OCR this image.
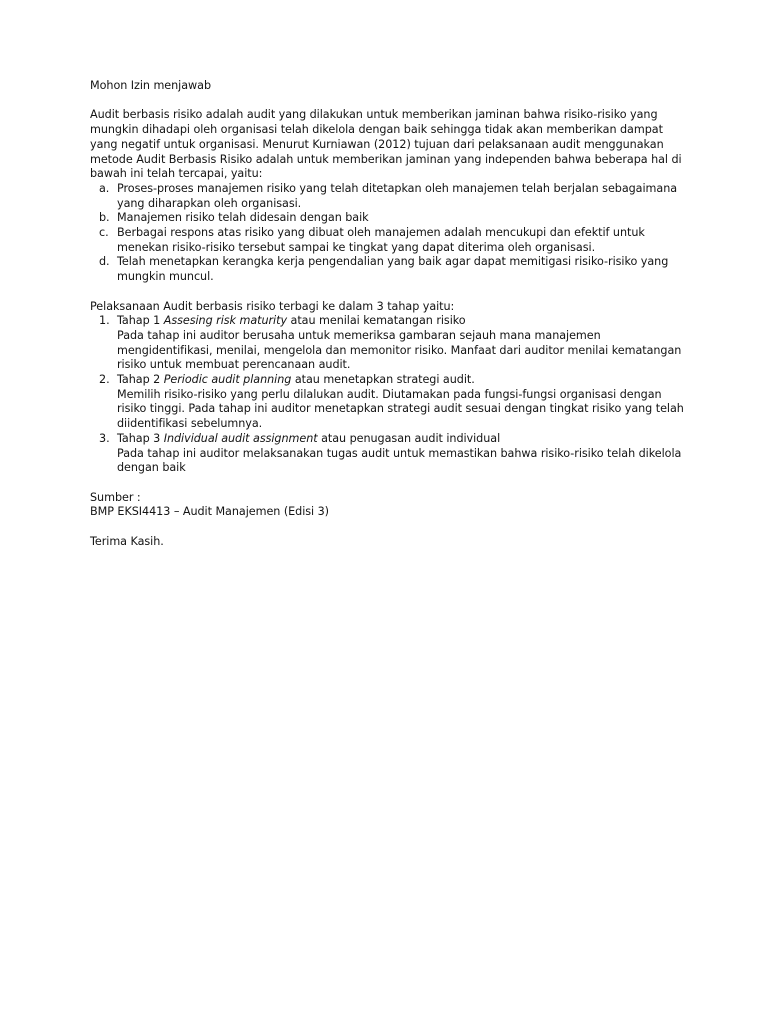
Mohon Izin menjawab

Audit berbasis risiko adalah audit yang dilakukan untuk memberikan jaminan bahwa risiko-risiko yang mungkin dihadapi oleh organisasi telah dikelola dengan baik sehingga tidak akan memberikan dampat yang negatif untuk organisasi. Menurut Kurniawan (2012) tujuan dari pelaksanaan audit menggunakan metode Audit Berbasis Risiko adalah untuk memberikan jaminan yang independen bahwa beberapa hal di bawah ini telah tercapai, yaitu:

a. Proses-proses manajemen risiko yang telah ditetapkan oleh manajemen telah berjalan sebagaimana yang diharapkan oleh organisasi.
b. Manajemen risiko telah didesain dengan baik
c. Berbagai respons atas risiko yang dibuat oleh manajemen adalah mencukupi dan efektif untuk menekan risiko-risiko tersebut sampai ke tingkat yang dapat diterima oleh organisasi.
d. Telah menetapkan kerangka kerja pengendalian yang baik agar dapat memitigasi risiko-risiko yang mungkin muncul.

Pelaksanaan Audit berbasis risiko terbagi ke dalam 3 tahap yaitu:

1. Tahap 1 Assesing risk maturity atau menilai kematangan risiko
Pada tahap ini auditor berusaha untuk memeriksa gambaran sejauh mana manajemen mengidentifikasi, menilai, mengelola dan memonitor risiko. Manfaat dari auditor menilai kematangan risiko untuk membuat perencanaan audit.
2. Tahap 2 Periodic audit planning atau menetapkan strategi audit.
Memilih risiko-risiko yang perlu dilalukan audit. Diutamakan pada fungsi-fungsi organisasi dengan risiko tinggi. Pada tahap ini auditor menetapkan strategi audit sesuai dengan tingkat risiko yang telah diidentifikasi sebelumnya.
3. Tahap 3 Individual audit assignment atau penugasan audit individual
Pada tahap ini auditor melaksanakan tugas audit untuk memastikan bahwa risiko-risiko telah dikelola dengan baik

Sumber :

BMP EKSI4413 – Audit Manajemen (Edisi 3)

Terima Kasih.
